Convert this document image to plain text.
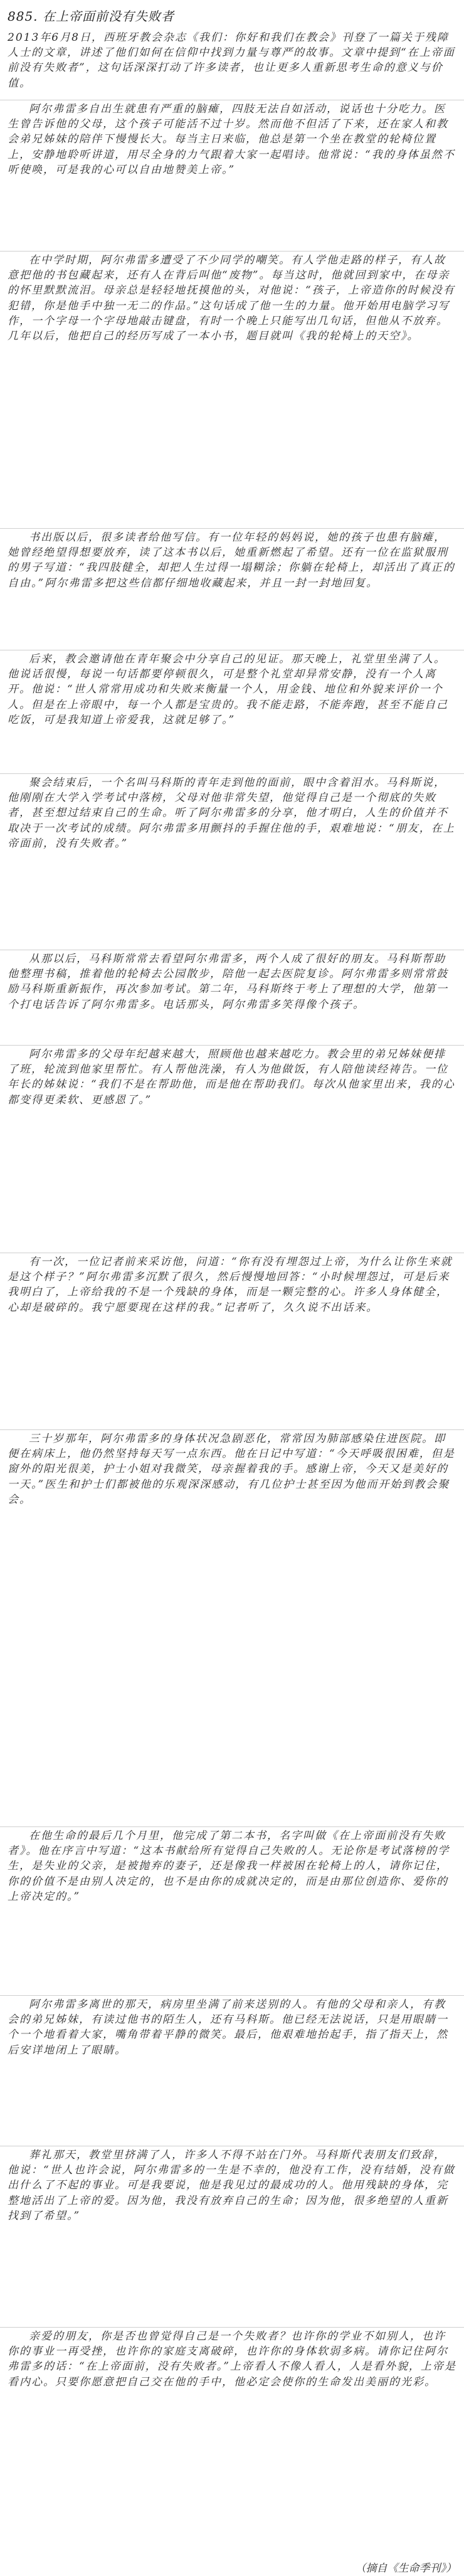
885. 在上帝面前没有失败者
2013年6月8日，西班牙教会杂志《我们：你好和我们在教会》刊登了一篇关于残障人士的文章，讲述了他们如何在信仰中找到力量与尊严的故事。文章中提到“在上帝面前没有失败者”，这句话深深打动了许多读者，也让更多人重新思考生命的意义与价值。
阿尔弗雷多自出生就患有严重的脑瘫，四肢无法自如活动，说话也十分吃力。医生曾告诉他的父母，这个孩子可能活不过十岁。然而他不但活了下来，还在家人和教会弟兄姊妹的陪伴下慢慢长大。每当主日来临，他总是第一个坐在教堂的轮椅位置上，安静地聆听讲道，用尽全身的力气跟着大家一起唱诗。他常说：“我的身体虽然不听使唤，可是我的心可以自由地赞美上帝。”
在中学时期，阿尔弗雷多遭受了不少同学的嘲笑。有人学他走路的样子，有人故意把他的书包藏起来，还有人在背后叫他“废物”。每当这时，他就回到家中，在母亲的怀里默默流泪。母亲总是轻轻地抚摸他的头，对他说：“孩子，上帝造你的时候没有犯错，你是他手中独一无二的作品。”这句话成了他一生的力量。他开始用电脑学习写作，一个字母一个字母地敲击键盘，有时一个晚上只能写出几句话，但他从不放弃。几年以后，他把自己的经历写成了一本小书，题目就叫《我的轮椅上的天空》。
书出版以后，很多读者给他写信。有一位年轻的妈妈说，她的孩子也患有脑瘫，她曾经绝望得想要放弃，读了这本书以后，她重新燃起了希望。还有一位在监狱服刑的男子写道：“我四肢健全，却把人生过得一塌糊涂；你躺在轮椅上，却活出了真正的自由。”阿尔弗雷多把这些信都仔细地收藏起来，并且一封一封地回复。
后来，教会邀请他在青年聚会中分享自己的见证。那天晚上，礼堂里坐满了人。他说话很慢，每说一句话都要停顿很久，可是整个礼堂却异常安静，没有一个人离开。他说：“世人常常用成功和失败来衡量一个人，用金钱、地位和外貌来评价一个人。但是在上帝眼中，每一个人都是宝贵的。我不能走路，不能奔跑，甚至不能自己吃饭，可是我知道上帝爱我，这就足够了。”
聚会结束后，一个名叫马科斯的青年走到他的面前，眼中含着泪水。马科斯说，他刚刚在大学入学考试中落榜，父母对他非常失望，他觉得自己是一个彻底的失败者，甚至想过结束自己的生命。听了阿尔弗雷多的分享，他才明白，人生的价值并不取决于一次考试的成绩。阿尔弗雷多用颤抖的手握住他的手，艰难地说：“朋友，在上帝面前，没有失败者。”
从那以后，马科斯常常去看望阿尔弗雷多，两个人成了很好的朋友。马科斯帮助他整理书稿，推着他的轮椅去公园散步，陪他一起去医院复诊。阿尔弗雷多则常常鼓励马科斯重新振作，再次参加考试。第二年，马科斯终于考上了理想的大学，他第一个打电话告诉了阿尔弗雷多。电话那头，阿尔弗雷多笑得像个孩子。
阿尔弗雷多的父母年纪越来越大，照顾他也越来越吃力。教会里的弟兄姊妹便排了班，轮流到他家里帮忙。有人帮他洗澡，有人为他做饭，有人陪他读经祷告。一位年长的姊妹说：“我们不是在帮助他，而是他在帮助我们。每次从他家里出来，我的心都变得更柔软、更感恩了。”
有一次，一位记者前来采访他，问道：“你有没有埋怨过上帝，为什么让你生来就是这个样子？”阿尔弗雷多沉默了很久，然后慢慢地回答：“小时候埋怨过，可是后来我明白了，上帝给我的不是一个残缺的身体，而是一颗完整的心。许多人身体健全，心却是破碎的。我宁愿要现在这样的我。”记者听了，久久说不出话来。
三十岁那年，阿尔弗雷多的身体状况急剧恶化，常常因为肺部感染住进医院。即便在病床上，他仍然坚持每天写一点东西。他在日记中写道：“今天呼吸很困难，但是窗外的阳光很美，护士小姐对我微笑，母亲握着我的手。感谢上帝，今天又是美好的一天。”医生和护士们都被他的乐观深深感动，有几位护士甚至因为他而开始到教会聚会。
在他生命的最后几个月里，他完成了第二本书，名字叫做《在上帝面前没有失败者》。他在序言中写道：“这本书献给所有觉得自己失败的人。无论你是考试落榜的学生，是失业的父亲，是被抛弃的妻子，还是像我一样被困在轮椅上的人，请你记住，你的价值不是由别人决定的，也不是由你的成就决定的，而是由那位创造你、爱你的上帝决定的。”
阿尔弗雷多离世的那天，病房里坐满了前来送别的人。有他的父母和亲人，有教会的弟兄姊妹，有读过他书的陌生人，还有马科斯。他已经无法说话，只是用眼睛一个一个地看着大家，嘴角带着平静的微笑。最后，他艰难地抬起手，指了指天上，然后安详地闭上了眼睛。
葬礼那天，教堂里挤满了人，许多人不得不站在门外。马科斯代表朋友们致辞，他说：“世人也许会说，阿尔弗雷多的一生是不幸的，他没有工作，没有结婚，没有做出什么了不起的事业。可是我要说，他是我见过的最成功的人。他用残缺的身体，完整地活出了上帝的爱。因为他，我没有放弃自己的生命；因为他，很多绝望的人重新找到了希望。”
亲爱的朋友，你是否也曾觉得自己是一个失败者？也许你的学业不如别人，也许你的事业一再受挫，也许你的家庭支离破碎，也许你的身体软弱多病。请你记住阿尔弗雷多的话：“在上帝面前，没有失败者。”上帝看人不像人看人，人是看外貌，上帝是看内心。只要你愿意把自己交在他的手中，他必定会使你的生命发出美丽的光彩。
（摘自《生命季刊》）
